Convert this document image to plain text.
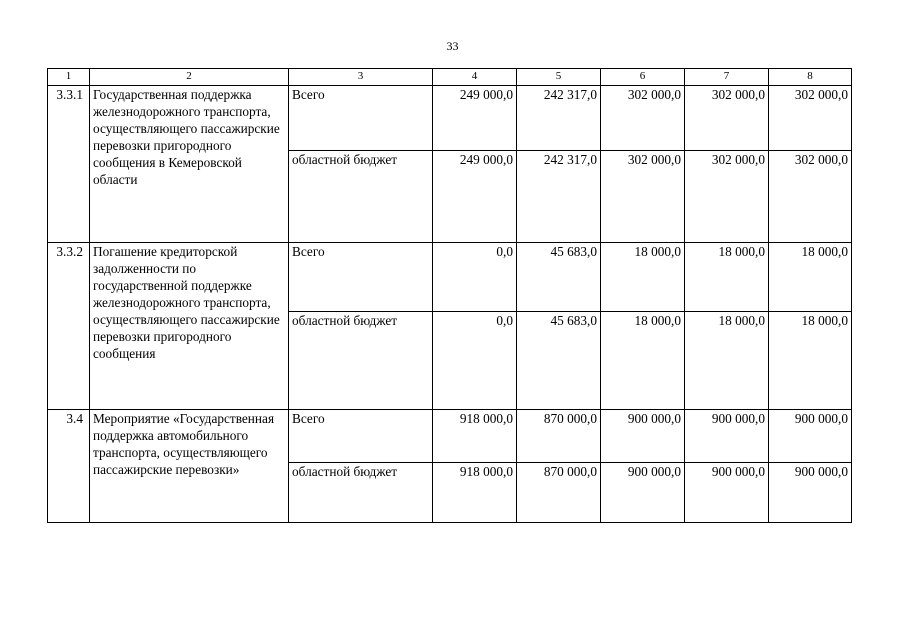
33
1	2	3	4	5	6	7	8
3.3.1	Государственная поддержка железнодорожного транспорта, осуществляющего пассажирские перевозки пригородного сообщения в Кемеровской области	Всего	249 000,0	242 317,0	302 000,0	302 000,0	302 000,0
		областной бюджет	249 000,0	242 317,0	302 000,0	302 000,0	302 000,0
3.3.2	Погашение кредиторской задолженности по государственной поддержке железнодорожного транспорта, осуществляющего пассажирские перевозки пригородного сообщения	Всего	0,0	45 683,0	18 000,0	18 000,0	18 000,0
		областной бюджет	0,0	45 683,0	18 000,0	18 000,0	18 000,0
3.4	Мероприятие «Государственная поддержка автомобильного транспорта, осуществляющего пассажирские перевозки»	Всего	918 000,0	870 000,0	900 000,0	900 000,0	900 000,0
		областной бюджет	918 000,0	870 000,0	900 000,0	900 000,0	900 000,0
